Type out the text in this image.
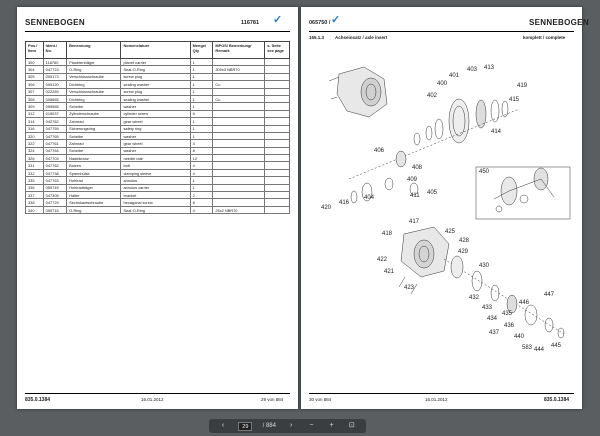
SENNEBOGEN	116781 ✓
Pos./ Item	Ident./ No.	Benennung	Nomenclature	Menge/ Qty	MPOS/ Bemerkung/ Remark	s. Seite see page
300	118760	Planetenträger	planet carrier	1		
304	047723	O-Ring	Seal-O-Ring	1	300x3 NBR70	
305	005173	Verschlussschraube	screw plug	1		
306	005120	Dichtring	sealing washer	1	Cu	
307	022289	Verschlussschraube	screw plug	1		
308	005665	Dichtring	sealing washer	1	Cu	
309	059565	Scheibe	washer	1		
312	019037	Zylinderschraube	cylinder screw	6		
314	042762	Zahnrad	gear wheel	1		
316	047759	Sicherungsring	safety ring	1		
320	047765	Scheibe	washer	1		
322	047761	Zahnrad	gear wheel	4		
324	047764	Scheibe	washer	8		
326	047703	Nadelkranz	needle rate	12		
331	047762	Bolzen	bolt	4		
332	047738	Spannhülse	clamping sleeve	4		
335	047763	Hohlrad	annulus	1		
336	059749	Hohlradträger	annulus carrier	1		
337	047305	Halter	bracket	2		
338	047729	Sechskantschraube	hexagonal screw	8		
340	059715	O-Ring	Seal-O-Ring	4	25x2 NBR70	
835.0.1384	16.01.2012	29 von 884
065750 / ✓	SENNEBOGEN
155.1.3 Achseinsatz / axle insert	komplett / complete
401
403 413
419
415
414
400
402
406
409
408
411
404
416
420
450
417
418	425
428
429
422
421
423
430
432
433
434
435
436
437
446
447
440
583 444
445
405
30 von 884	16.01.2012	835.0.1384
‹	29	/ 884	›	−	+	⊡
